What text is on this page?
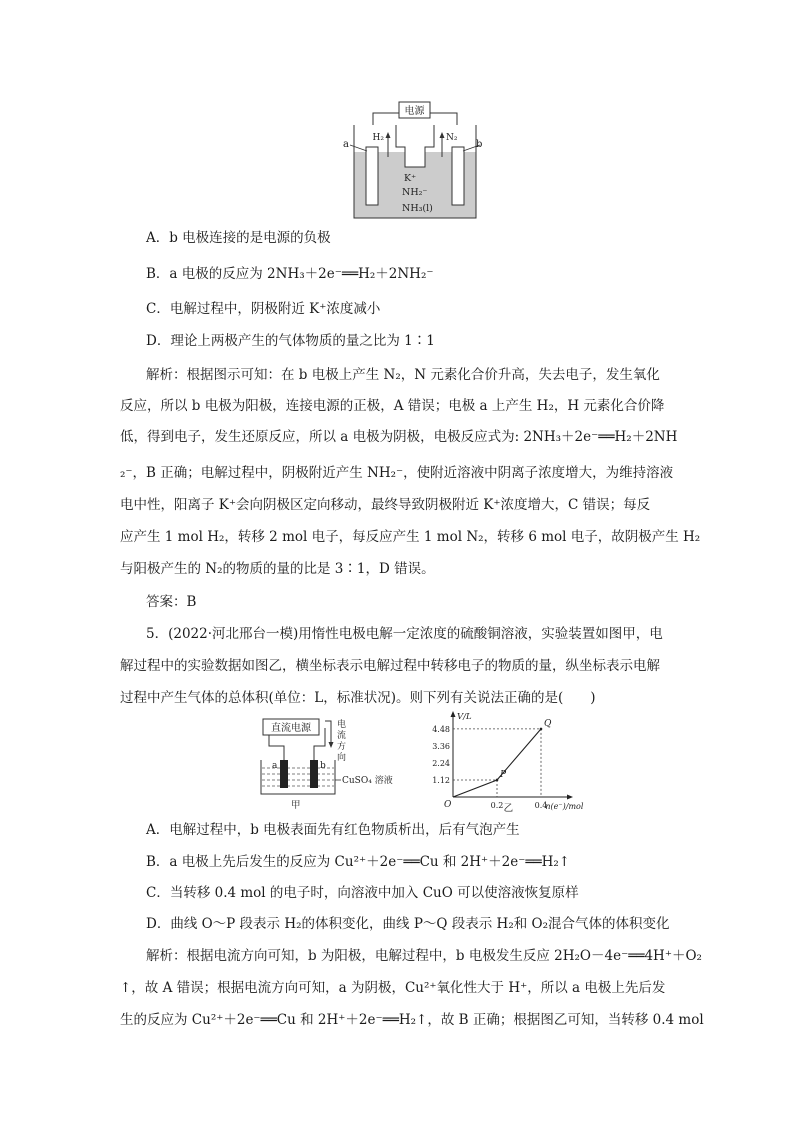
电源
a	b
H₂	N₂
K⁺
NH₂⁻
NH₃(l)
A．b 电极连接的是电源的负极
B．a 电极的反应为 2NH₃＋2e⁻══H₂＋2NH₂⁻
C．电解过程中，阴极附近 K⁺浓度减小
D．理论上两极产生的气体物质的量之比为 1∶1
解析：根据图示可知：在 b 电极上产生 N₂，N 元素化合价升高，失去电子，发生氧化
反应，所以 b 电极为阳极，连接电源的正极，A 错误；电极 a 上产生 H₂，H 元素化合价降
低，得到电子，发生还原反应，所以 a 电极为阴极，电极反应式为: 2NH₃＋2e⁻══H₂＋2NH
₂⁻，B 正确；电解过程中，阴极附近产生 NH₂⁻，使附近溶液中阴离子浓度增大，为维持溶液
电中性，阳离子 K⁺会向阴极区定向移动，最终导致阴极附近 K⁺浓度增大，C 错误；每反
应产生 1 mol H₂，转移 2 mol 电子，每反应产生 1 mol N₂，转移 6 mol 电子，故阴极产生 H₂
与阳极产生的 N₂的物质的量的比是 3∶1，D 错误。
答案：B
5．(2022·河北邢台一模)用惰性电极电解一定浓度的硫酸铜溶液，实验装置如图甲，电
解过程中的实验数据如图乙，横坐标表示电解过程中转移电子的物质的量，纵坐标表示电解
过程中产生气体的总体积(单位：L，标准状况)。则下列有关说法正确的是(　　)
直流电源	电
流
方
向
a	b
CuSO₄ 溶液
甲
V/L
n(e⁻)/mol
O
1.12
2.24
3.36
4.48
0.2	0.4
P
Q
乙
A．电解过程中，b 电极表面先有红色物质析出，后有气泡产生
B．a 电极上先后发生的反应为 Cu²⁺＋2e⁻══Cu 和 2H⁺＋2e⁻══H₂↑
C．当转移 0.4 mol 的电子时，向溶液中加入 CuO 可以使溶液恢复原样
D．曲线 O～P 段表示 H₂的体积变化，曲线 P～Q 段表示 H₂和 O₂混合气体的体积变化
解析：根据电流方向可知，b 为阳极，电解过程中，b 电极发生反应 2H₂O－4e⁻══4H⁺＋O₂
↑，故 A 错误；根据电流方向可知，a 为阴极，Cu²⁺氧化性大于 H⁺，所以 a 电极上先后发
生的反应为 Cu²⁺＋2e⁻══Cu 和 2H⁺＋2e⁻══H₂↑，故 B 正确；根据图乙可知，当转移 0.4 mol
